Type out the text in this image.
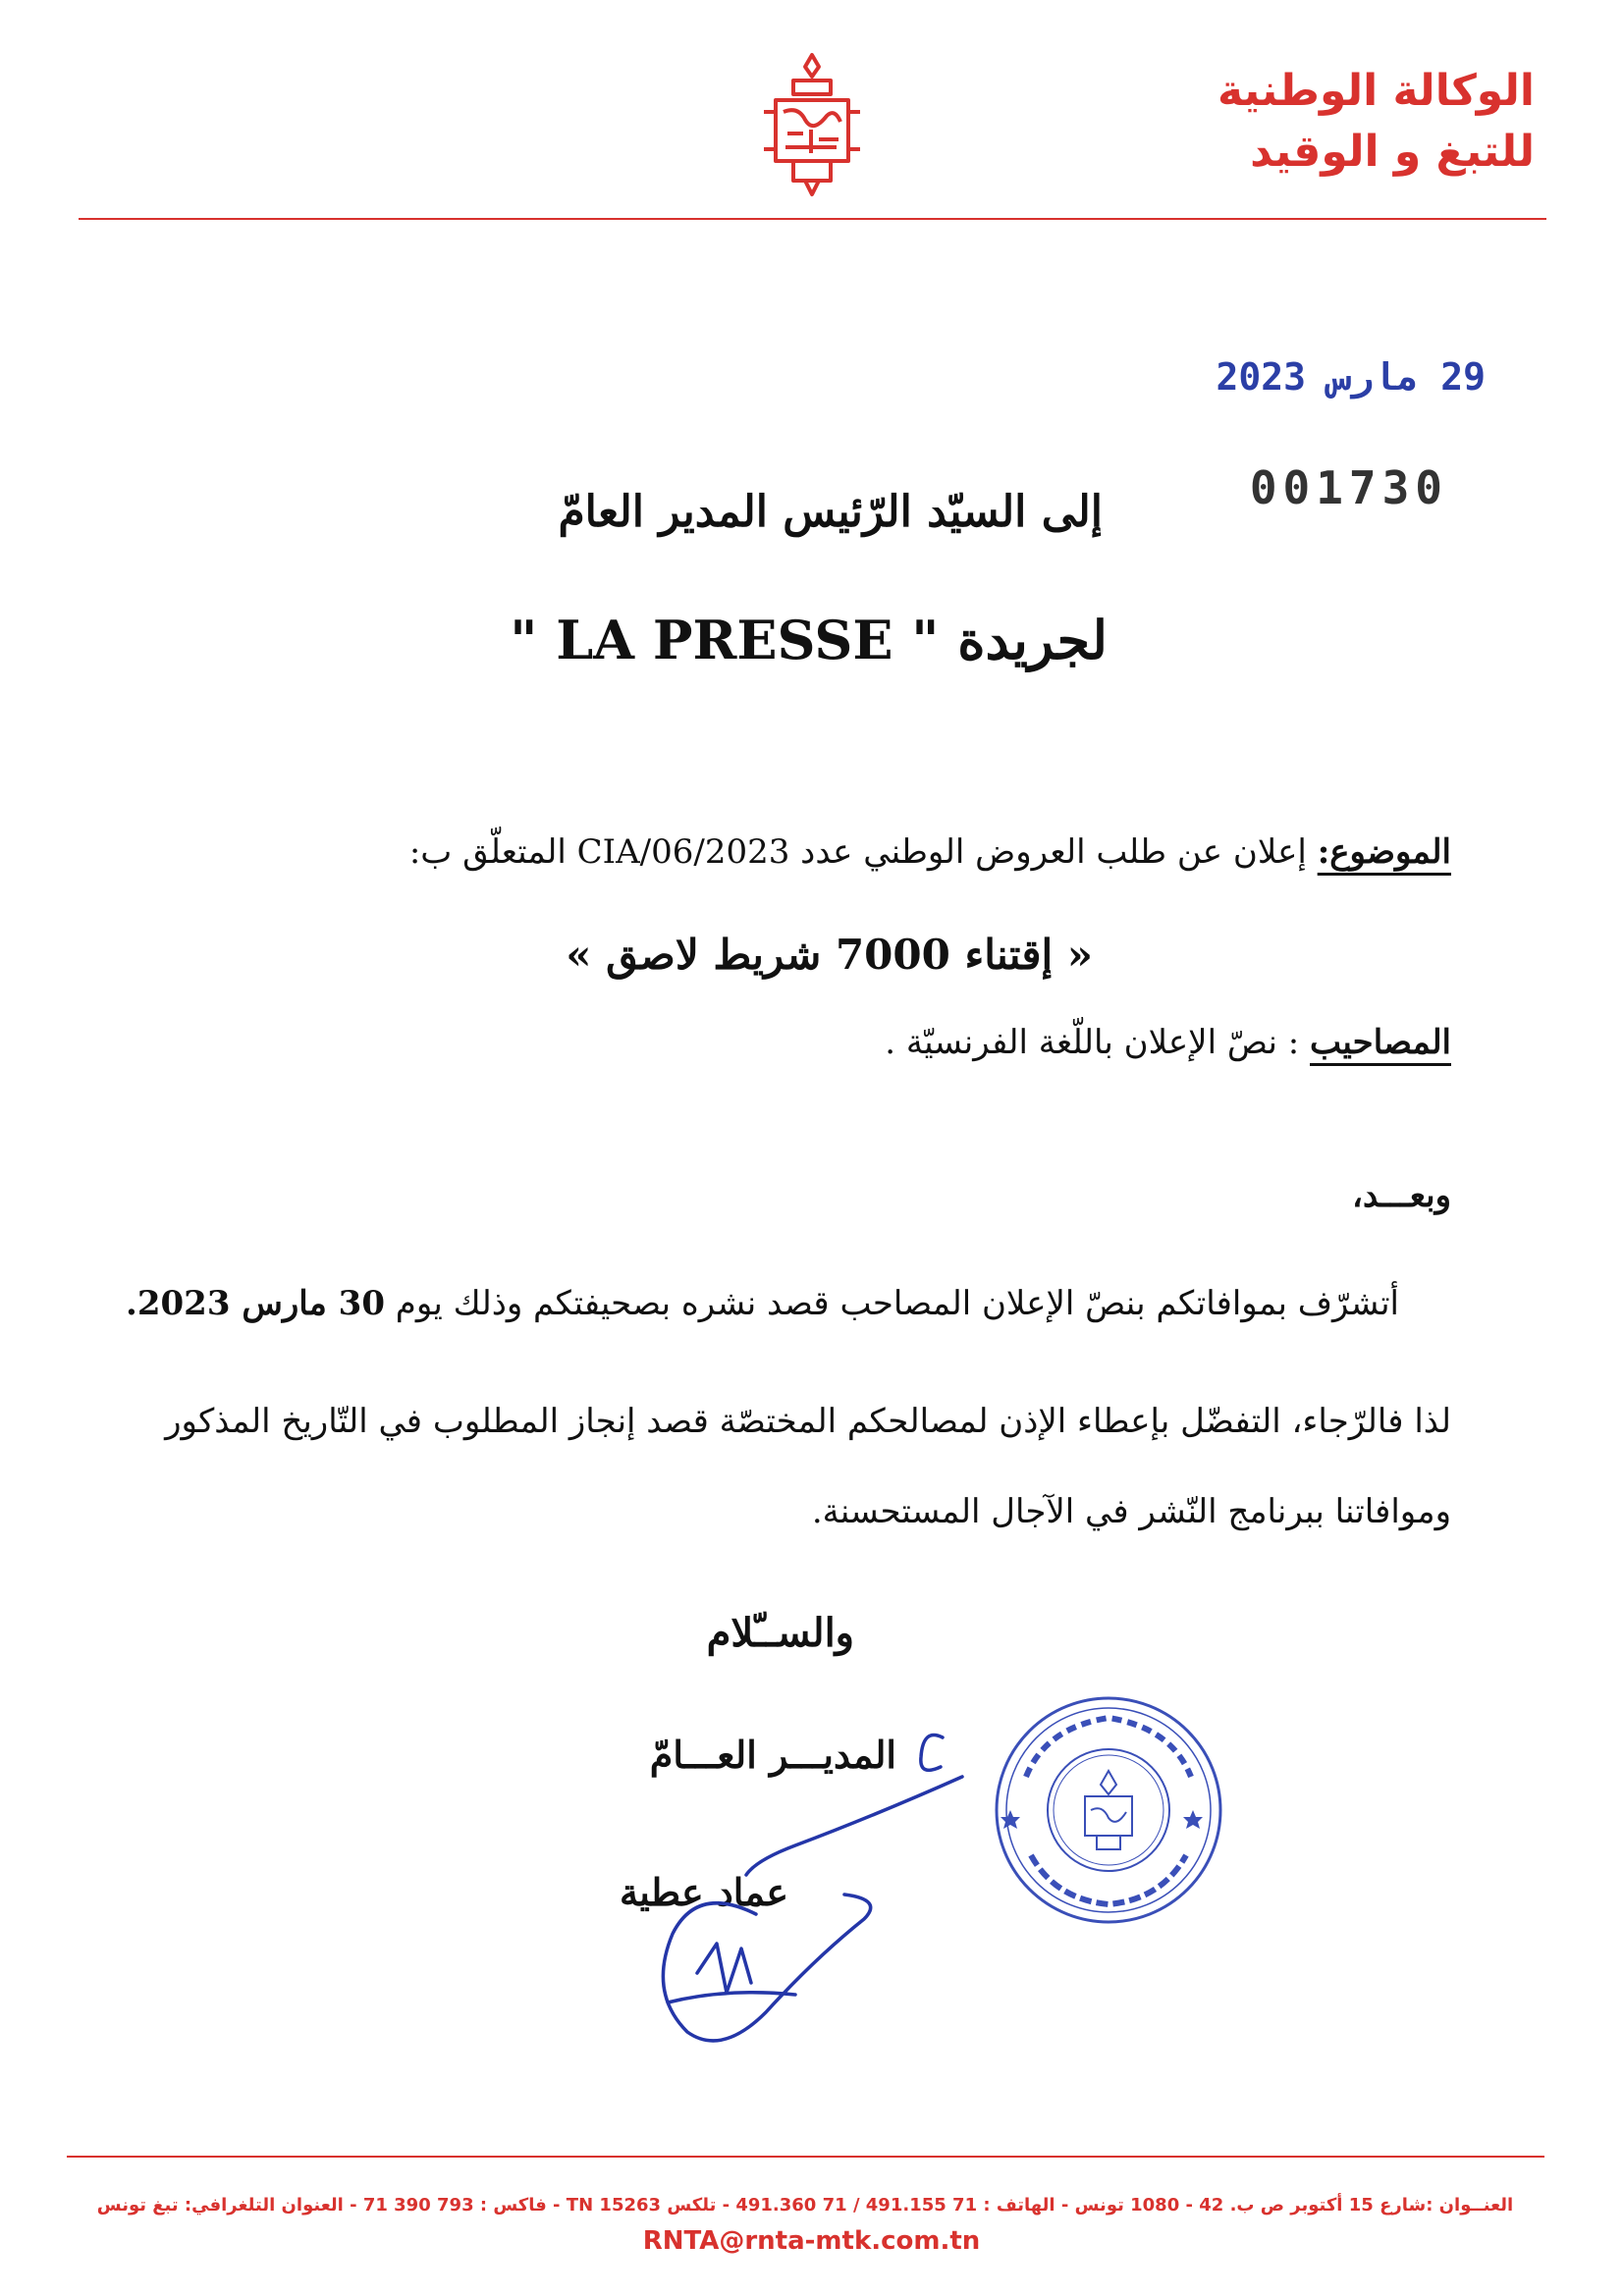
الوكالة الوطنية
للتبغ و الوقيد
29 مارس 2023
001730
إلى السيّد الرّئيس المدير العامّ
لجريدة " LA PRESSE "
الموضوع: إعلان عن طلب العروض الوطني عدد 2023/CIA/06 المتعلّق ب:
« إقتناء 7000 شريط لاصق »
المصاحيب : نصّ الإعلان باللّغة الفرنسيّة .
وبعـــد،
أتشرّف بموافاتكم بنصّ الإعلان المصاحب قصد نشره بصحيفتكم وذلك يوم 30 مارس 2023.
لذا فالرّجاء، التفضّل بإعطاء الإذن لمصالحكم المختصّة قصد إنجاز المطلوب في التّاريخ المذكور
وموافاتنا ببرنامج النّشر في الآجال المستحسنة.
والســّلام
المديـــر العـــامّ
عماد عطية
العنــوان :شارع 15 أكتوبر ص ب. 42 - 1080 تونس - الهاتف : 71 491.155 / 71 491.360 - تلكس 15263 TN - فاكس : 793 390 71 - العنوان التلغرافي: تبغ تونس
RNTA@rnta-mtk.com.tn
